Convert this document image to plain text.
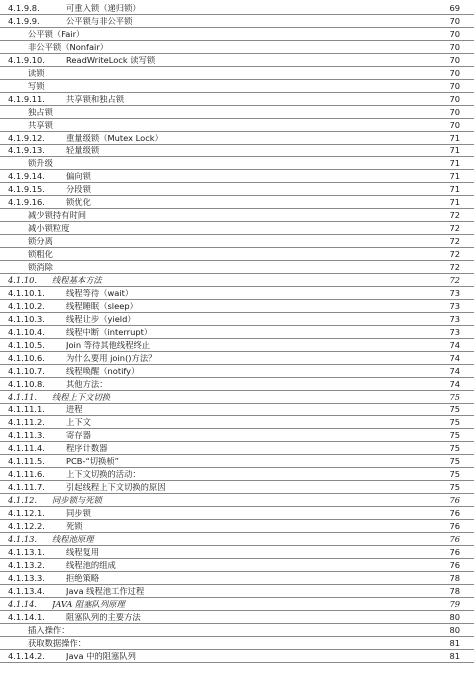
4.1.9.8.	可重入锁（递归锁）	69
4.1.9.9.	公平锁与非公平锁	70
公平锁（Fair）	70
非公平锁（Nonfair）	70
4.1.9.10.	ReadWriteLock 读写锁	70
读锁	70
写锁	70
4.1.9.11.	共享锁和独占锁	70
独占锁	70
共享锁	70
4.1.9.12.	重量级锁（Mutex Lock）	71
4.1.9.13.	轻量级锁	71
锁升级	71
4.1.9.14.	偏向锁	71
4.1.9.15.	分段锁	71
4.1.9.16.	锁优化	71
减少锁持有时间	72
减小锁粒度	72
锁分离	72
锁粗化	72
锁消除	72
4.1.10.	线程基本方法	72
4.1.10.1.	线程等待（wait）	73
4.1.10.2.	线程睡眠（sleep）	73
4.1.10.3.	线程让步（yield）	73
4.1.10.4.	线程中断（interrupt）	73
4.1.10.5.	Join 等待其他线程终止	74
4.1.10.6.	为什么要用 join()方法？	74
4.1.10.7.	线程唤醒（notify）	74
4.1.10.8.	其他方法：	74
4.1.11.	线程上下文切换	75
4.1.11.1.	进程	75
4.1.11.2.	上下文	75
4.1.11.3.	寄存器	75
4.1.11.4.	程序计数器	75
4.1.11.5.	PCB-“切换桢”	75
4.1.11.6.	上下文切换的活动：	75
4.1.11.7.	引起线程上下文切换的原因	75
4.1.12.	同步锁与死锁	76
4.1.12.1.	同步锁	76
4.1.12.2.	死锁	76
4.1.13.	线程池原理	76
4.1.13.1.	线程复用	76
4.1.13.2.	线程池的组成	76
4.1.13.3.	拒绝策略	78
4.1.13.4.	Java 线程池工作过程	78
4.1.14.	JAVA 阻塞队列原理	79
4.1.14.1.	阻塞队列的主要方法	80
插入操作：	80
获取数据操作：	81
4.1.14.2.	Java 中的阻塞队列	81
